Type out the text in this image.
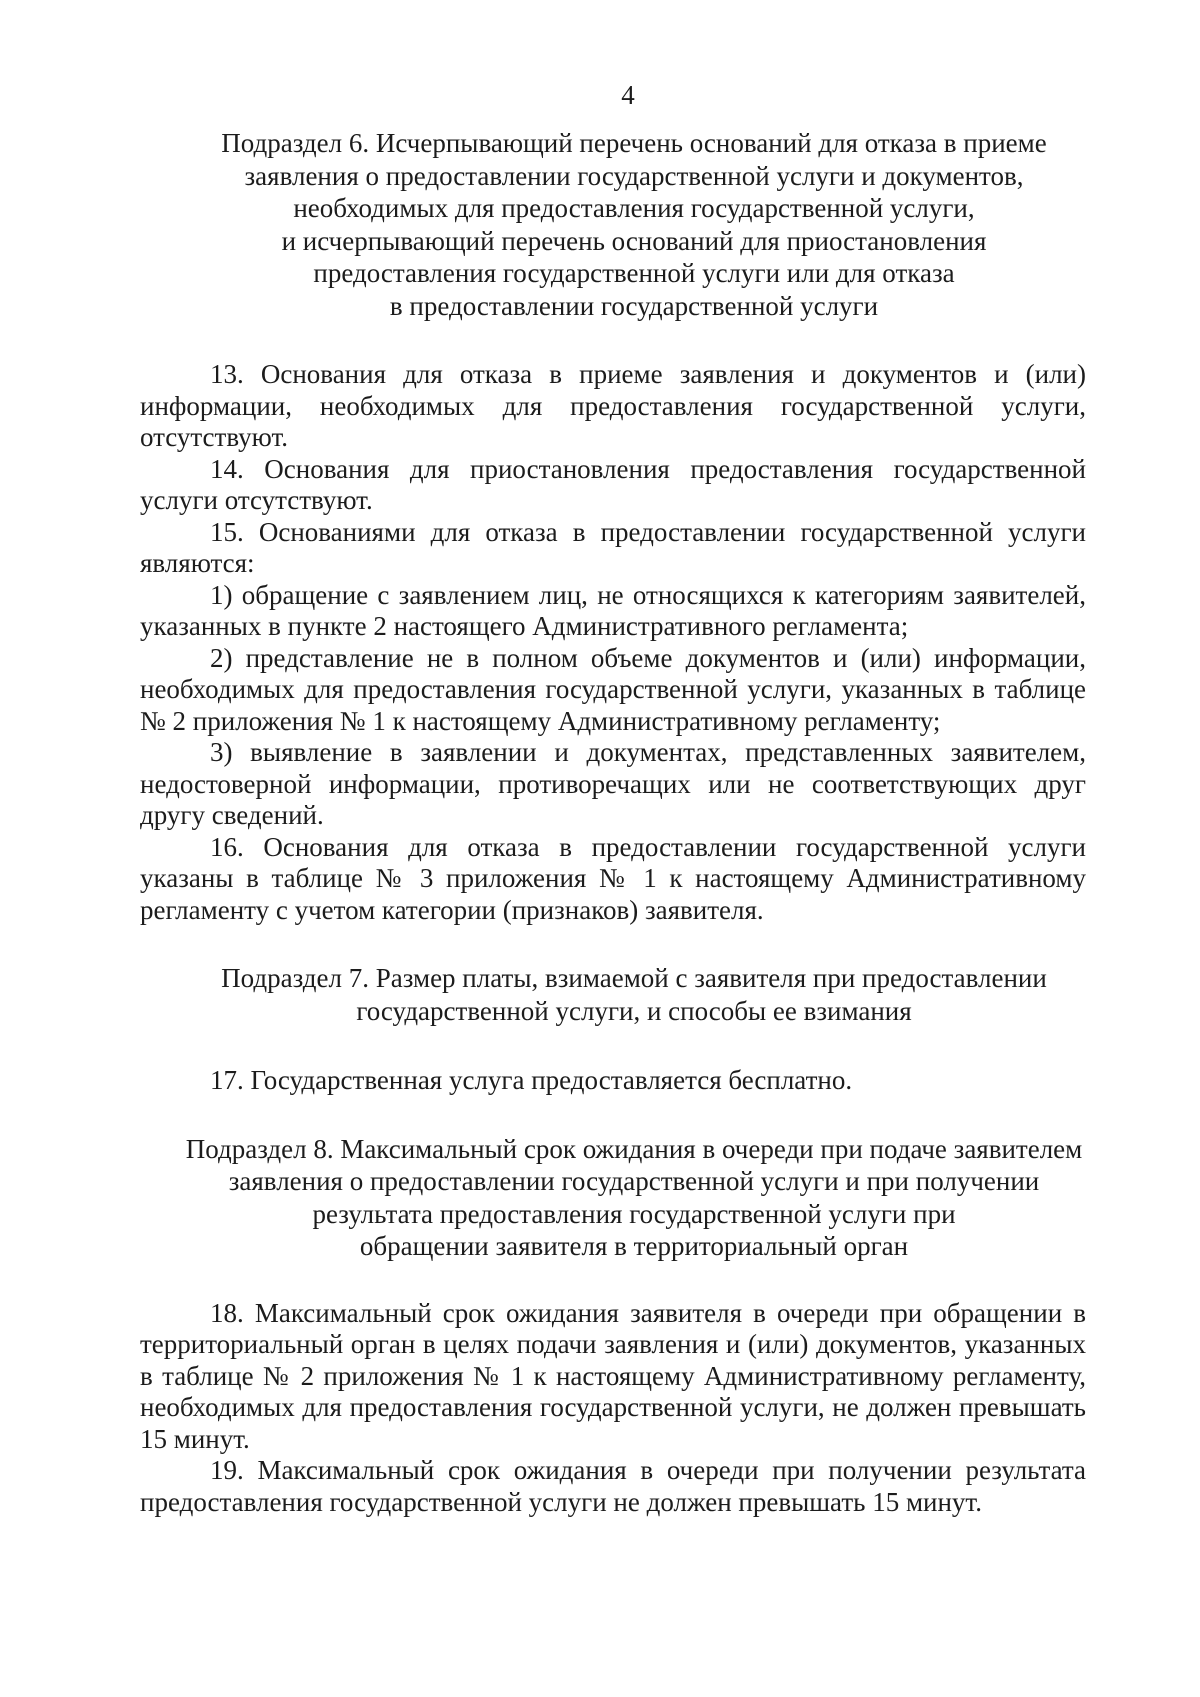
4
Подраздел 6. Исчерпывающий перечень оснований для отказа в приеме
заявления о предоставлении государственной услуги и документов,
необходимых для предоставления государственной услуги,
и исчерпывающий перечень оснований для приостановления
предоставления государственной услуги или для отказа
в предоставлении государственной услуги

13. Основания для отказа в приеме заявления и документов и (или) информации, необходимых для предоставления государственной услуги, отсутствуют.

14. Основания для приостановления предоставления государственной услуги отсутствуют.

15. Основаниями для отказа в предоставлении государственной услуги являются:

1) обращение с заявлением лиц, не относящихся к категориям заявителей, указанных в пункте 2 настоящего Административного регламента;

2) представление не в полном объеме документов и (или) информации, необходимых для предоставления государственной услуги, указанных в таблице № 2 приложения № 1 к настоящему Административному регламенту;

3) выявление в заявлении и документах, представленных заявителем, недостоверной информации, противоречащих или не соответствующих друг другу сведений.

16. Основания для отказа в предоставлении государственной услуги указаны в таблице № 3 приложения № 1 к настоящему Административному регламенту с учетом категории (признаков) заявителя.

Подраздел 7. Размер платы, взимаемой с заявителя при предоставлении
государственной услуги, и способы ее взимания

17. Государственная услуга предоставляется бесплатно.

Подраздел 8. Максимальный срок ожидания в очереди при подаче заявителем
заявления о предоставлении государственной услуги и при получении
результата предоставления государственной услуги при
обращении заявителя в территориальный орган

18. Максимальный срок ожидания заявителя в очереди при обращении в территориальный орган в целях подачи заявления и (или) документов, указанных в таблице № 2 приложения № 1 к настоящему Административному регламенту, необходимых для предоставления государственной услуги, не должен превышать 15 минут.

19. Максимальный срок ожидания в очереди при получении результата предоставления государственной услуги не должен превышать 15 минут.
